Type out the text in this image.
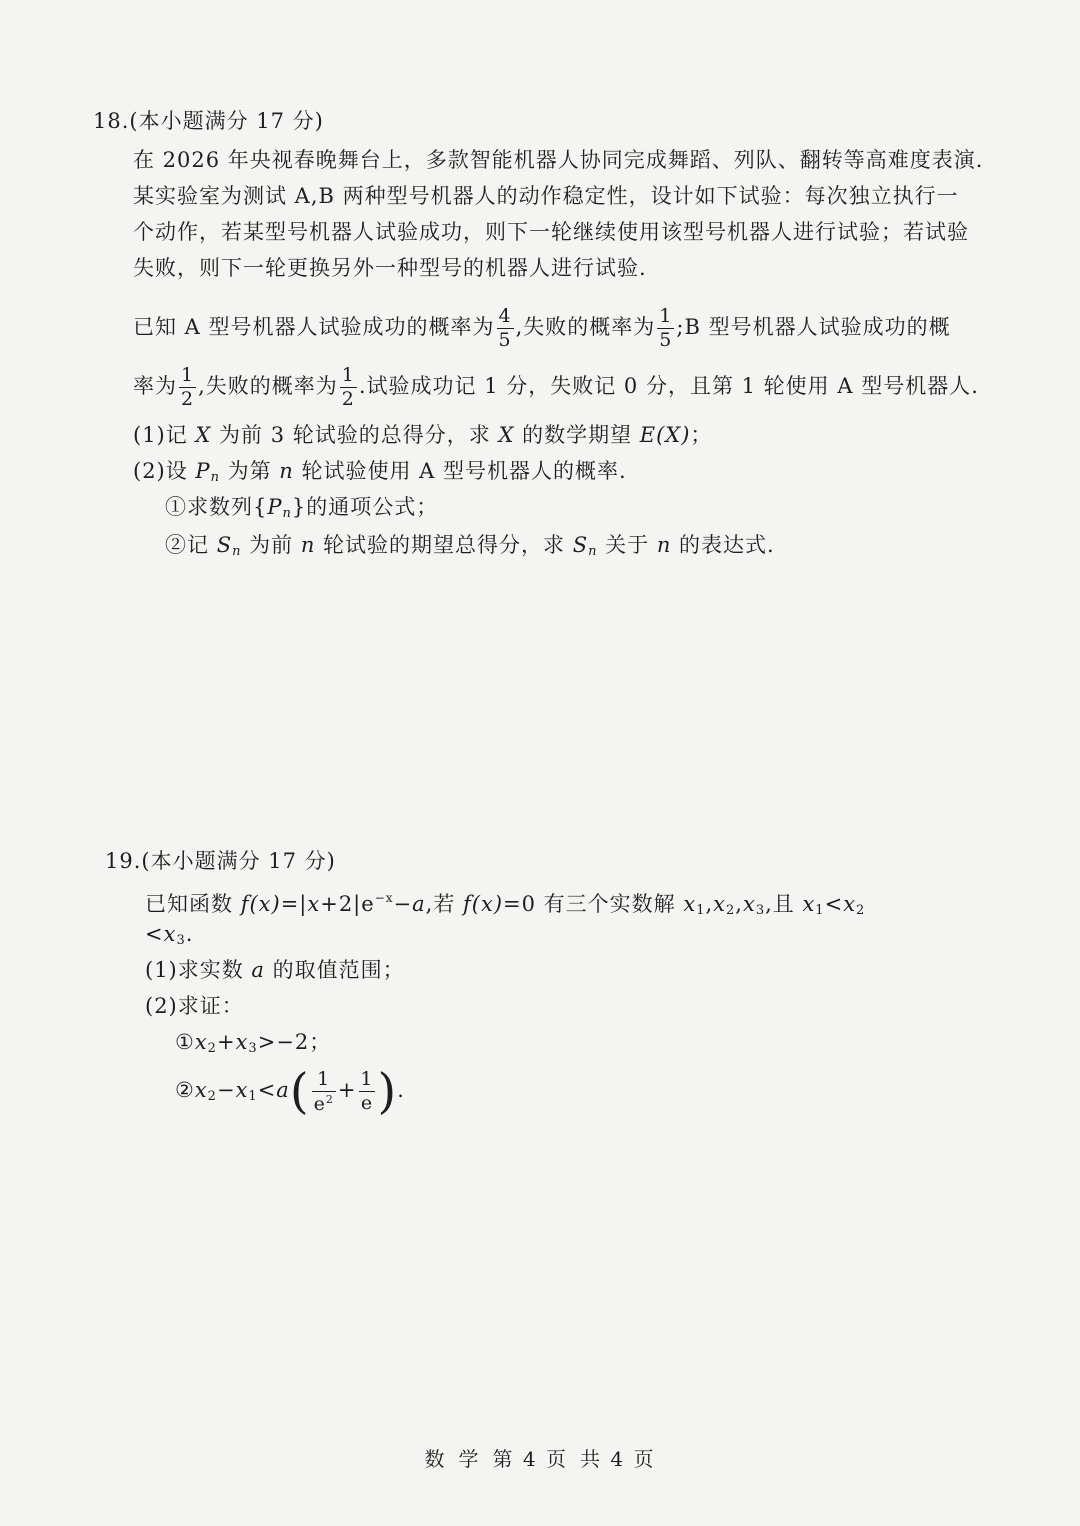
18.(本小题满分 17 分)
在 2026 年央视春晚舞台上，多款智能机器人协同完成舞蹈、列队、翻转等高难度表演.
某实验室为测试 A,B 两种型号机器人的动作稳定性，设计如下试验：每次独立执行一
个动作，若某型号机器人试验成功，则下一轮继续使用该型号机器人进行试验；若试验
失败，则下一轮更换另外一种型号的机器人进行试验.
已知 A 型号机器人试验成功的概率为 $\frac{4}{5}$ ,失败的概率为 $\frac{1}{5}$ ;B 型号机器人试验成功的概
率为 $\frac{1}{2}$ ,失败的概率为 $\frac{1}{2}$ .试验成功记 1 分，失败记 0 分，且第 1 轮使用 A 型号机器人.
(1)记 X 为前 3 轮试验的总得分，求 X 的数学期望 E(X)；
(2)设 $P_n$ 为第 n 轮试验使用 A 型号机器人的概率.
①求数列$\{P_n\}$的通项公式；
②记 $S_n$ 为前 n 轮试验的期望总得分，求 $S_n$ 关于 n 的表达式.
19.(本小题满分 17 分)
已知函数 $f(x)=|x+2|e^{-x}-a$,若 f(x)=0 有三个实数解 $x_1,x_2,x_3$,且 $x_1<x_2$
$<x_3$.
(1)求实数 a 的取值范围；
(2)求证：
$①x_2+x_3>-2$；
$②x_2-x_1<a( \frac{1}{e^2} + \frac{1}{e}$ ).
数 学 第 4 页 共 4 页
